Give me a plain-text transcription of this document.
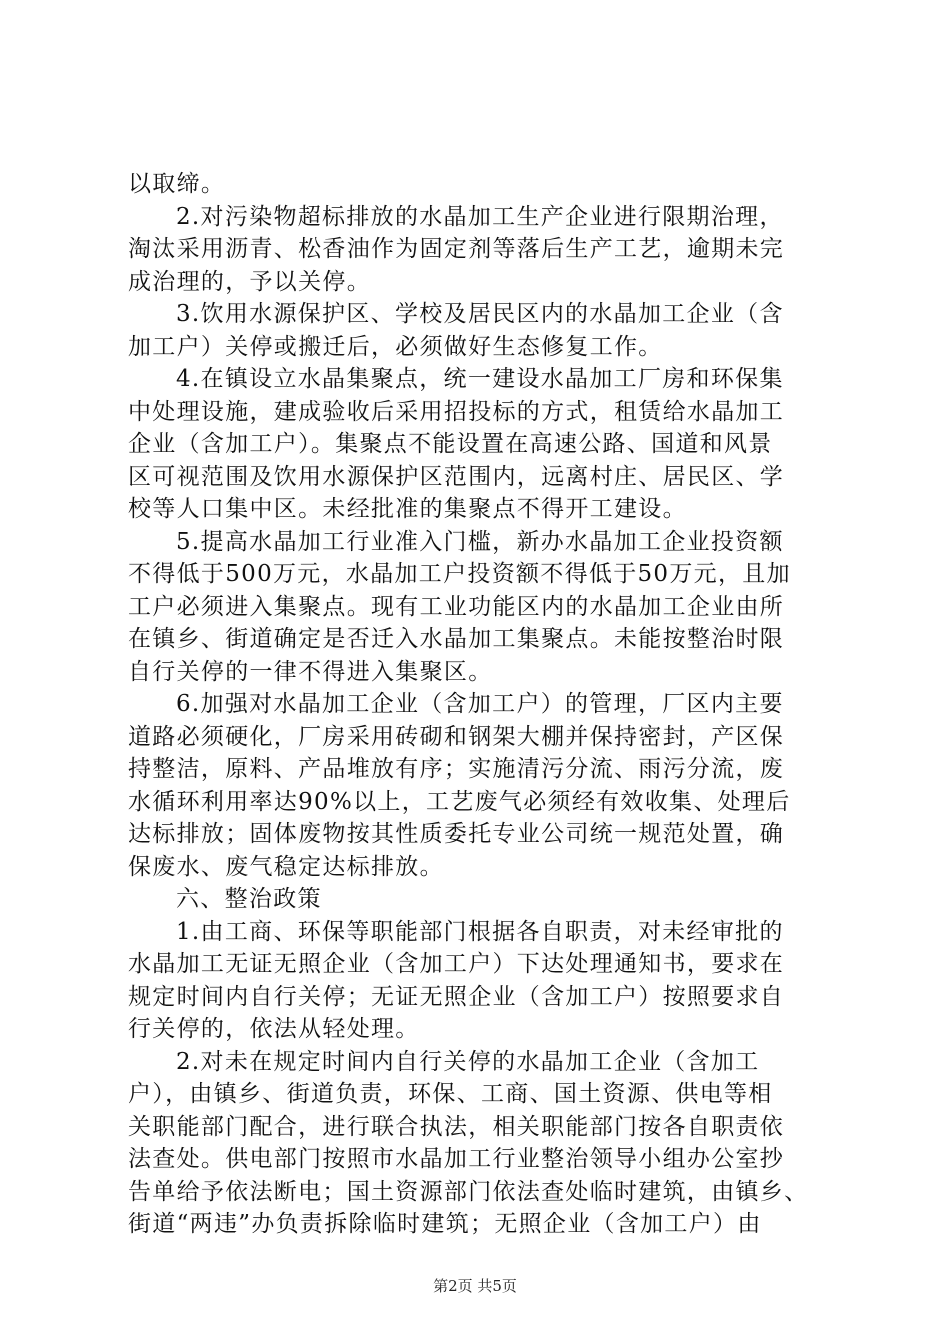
以取缔。
2.对污染物超标排放的水晶加工生产企业进行限期治理，
淘汰采用沥青、松香油作为固定剂等落后生产工艺，逾期未完
成治理的，予以关停。
3.饮用水源保护区、学校及居民区内的水晶加工企业（含
加工户）关停或搬迁后，必须做好生态修复工作。
4.在镇设立水晶集聚点，统一建设水晶加工厂房和环保集
中处理设施，建成验收后采用招投标的方式，租赁给水晶加工
企业（含加工户）。集聚点不能设置在高速公路、国道和风景
区可视范围及饮用水源保护区范围内，远离村庄、居民区、学
校等人口集中区。未经批准的集聚点不得开工建设。
5.提高水晶加工行业准入门槛，新办水晶加工企业投资额
不得低于500万元，水晶加工户投资额不得低于50万元，且加
工户必须进入集聚点。现有工业功能区内的水晶加工企业由所
在镇乡、街道确定是否迁入水晶加工集聚点。未能按整治时限
自行关停的一律不得进入集聚区。
6.加强对水晶加工企业（含加工户）的管理，厂区内主要
道路必须硬化，厂房采用砖砌和钢架大棚并保持密封，产区保
持整洁，原料、产品堆放有序；实施清污分流、雨污分流，废
水循环利用率达90%以上，工艺废气必须经有效收集、处理后
达标排放；固体废物按其性质委托专业公司统一规范处置，确
保废水、废气稳定达标排放。
六、整治政策
1.由工商、环保等职能部门根据各自职责，对未经审批的
水晶加工无证无照企业（含加工户）下达处理通知书，要求在
规定时间内自行关停；无证无照企业（含加工户）按照要求自
行关停的，依法从轻处理。
2.对未在规定时间内自行关停的水晶加工企业（含加工
户），由镇乡、街道负责，环保、工商、国土资源、供电等相
关职能部门配合，进行联合执法，相关职能部门按各自职责依
法查处。供电部门按照市水晶加工行业整治领导小组办公室抄
告单给予依法断电；国土资源部门依法查处临时建筑，由镇乡、
街道“两违”办负责拆除临时建筑；无照企业（含加工户）由
第2页 共5页
